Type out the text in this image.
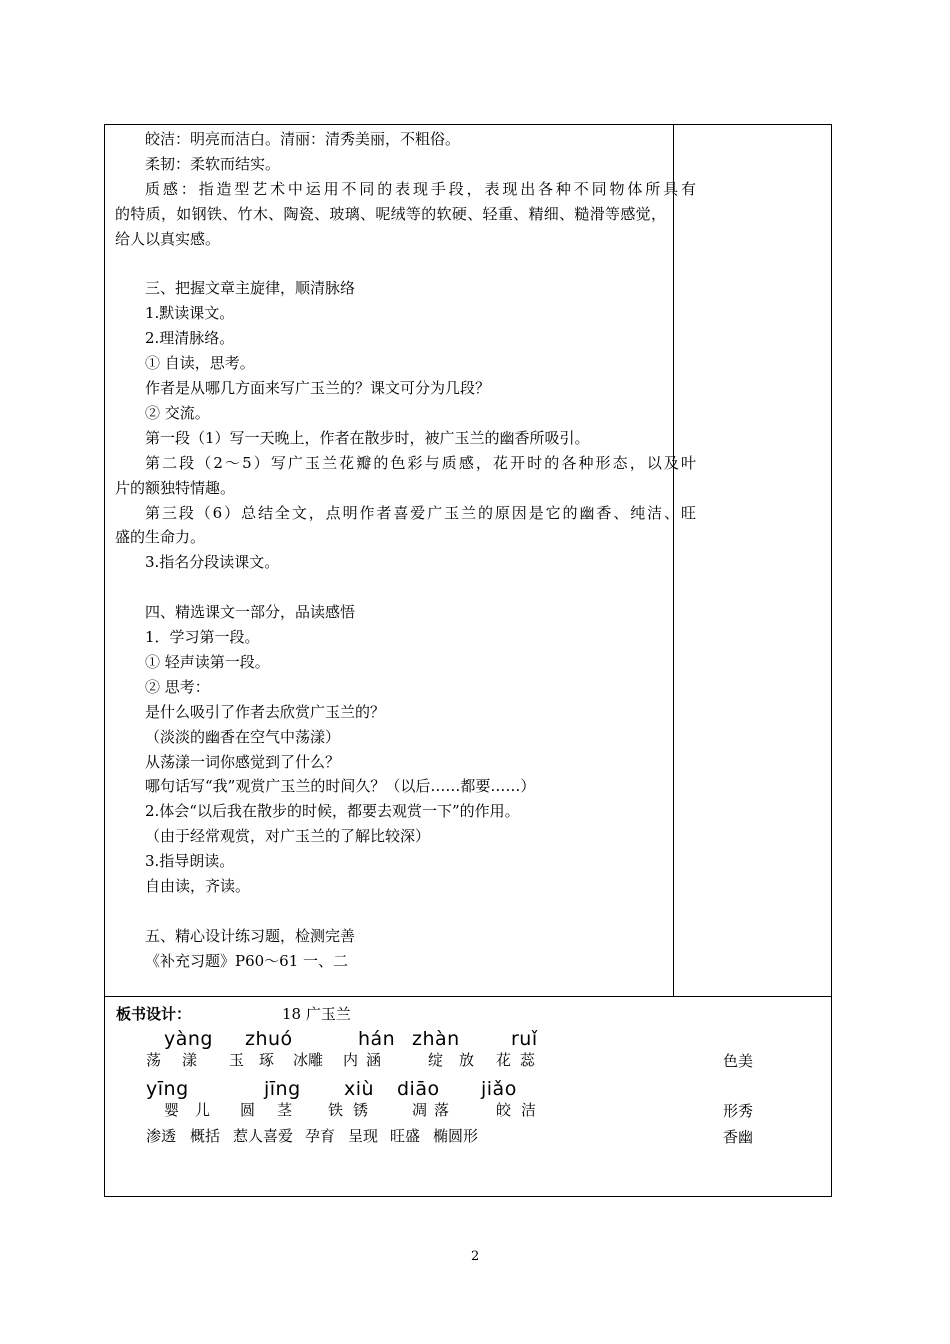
皎洁：明亮而洁白。清丽：清秀美丽，不粗俗。
柔韧：柔软而结实。
质感：指造型艺术中运用不同的表现手段，表现出各种不同物体所具有
的特质，如钢铁、竹木、陶瓷、玻璃、呢绒等的软硬、轻重、精细、糙滑等感觉，
给人以真实感。
三、把握文章主旋律，顺清脉络
1.默读课文。
2.理清脉络。
① 自读，思考。
作者是从哪几方面来写广玉兰的？课文可分为几段？
② 交流。
第一段（1）写一天晚上，作者在散步时，被广玉兰的幽香所吸引。
第二段（2～5）写广玉兰花瓣的色彩与质感，花开时的各种形态，以及叶
片的额独特情趣。
第三段（6）总结全文，点明作者喜爱广玉兰的原因是它的幽香、纯洁、旺
盛的生命力。
3.指名分段读课文。
四、精选课文一部分，品读感悟
1．学习第一段。
① 轻声读第一段。
② 思考：
是什么吸引了作者去欣赏广玉兰的？
（淡淡的幽香在空气中荡漾）
从荡漾一词你感觉到了什么？
哪句话写“我”观赏广玉兰的时间久？（以后……都要……）
2.体会“以后我在散步的时候，都要去观赏一下”的作用。
（由于经常观赏，对广玉兰的了解比较深）
3.指导朗读。
自由读，齐读。
五、精心设计练习题，检测完善
《补充习题》P60～61 一、二
板书设计：	18 广玉兰
yàng zhuó	hán zhàn	ruǐ
荡 漾 玉 琢 冰雕 内 涵	绽 放 花 蕊	色美
yīng	jīng xiù diāo jiǎo
婴 儿 圆 茎 铁 锈	凋 落	皎 洁	形秀
渗透 概括 惹人喜爱 孕育 呈现 旺盛 椭圆形	香幽
2
